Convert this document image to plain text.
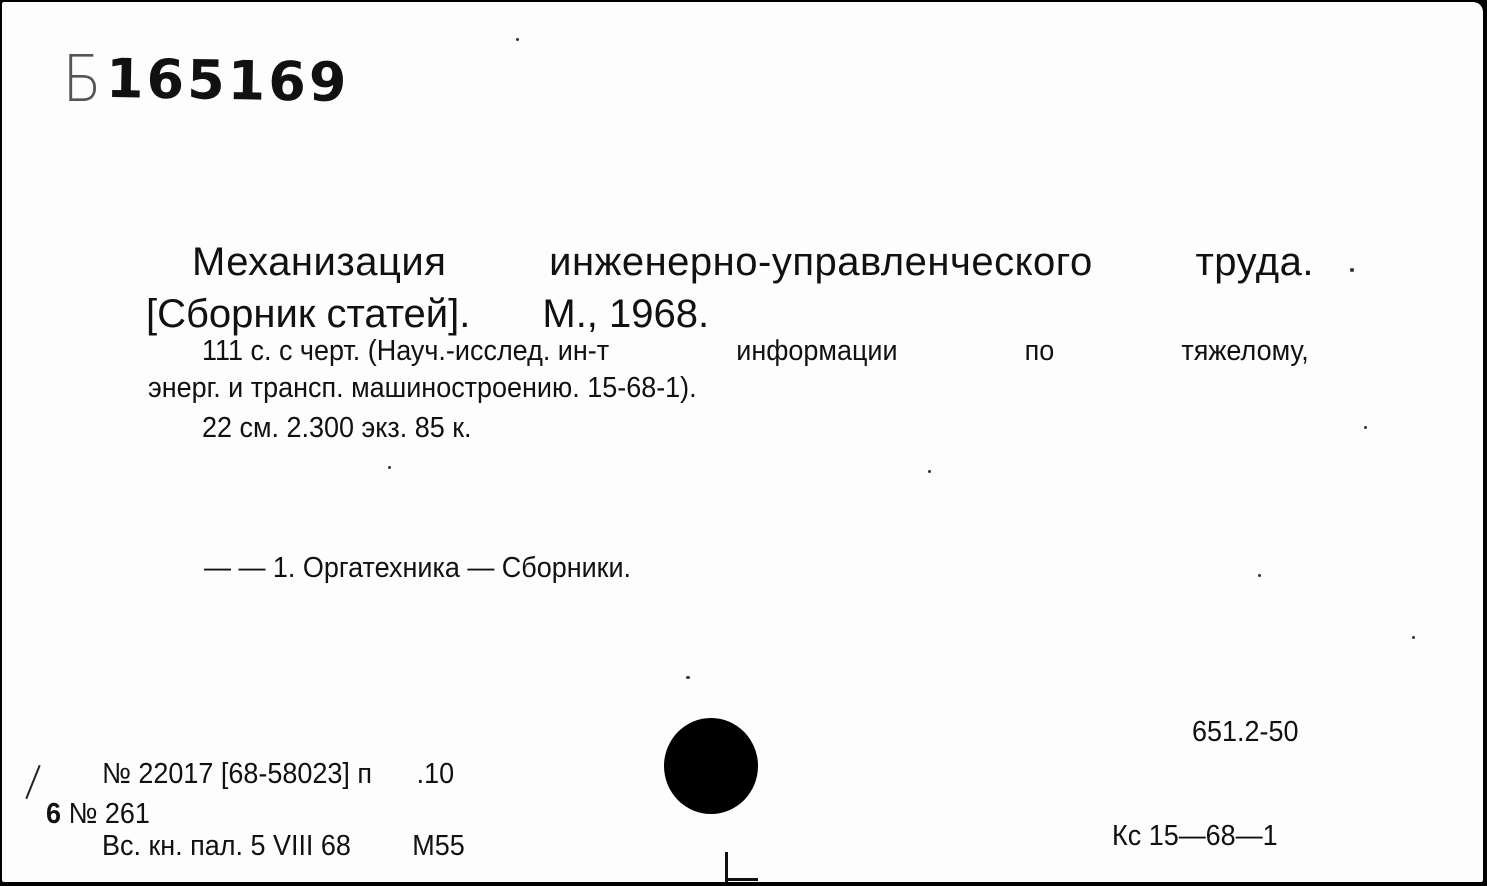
Б 165169
Механизация	инженерно-управленческого	труда.
[Сборник статей]. М., 1968.
111 с. с черт. (Науч.-исслед. ин-т	информации	по	тяжелому,
энерг. и трансп. машиностроению. 15-68-1).
22 см. 2.300 экз. 85 к.
— — 1. Оргатехника — Сборники.
651.2-50
№ 22017 [68-58023] п .10
6 № 261
Вс. кн. пал. 5 VIII 68 M55	Кс 15—68—1
